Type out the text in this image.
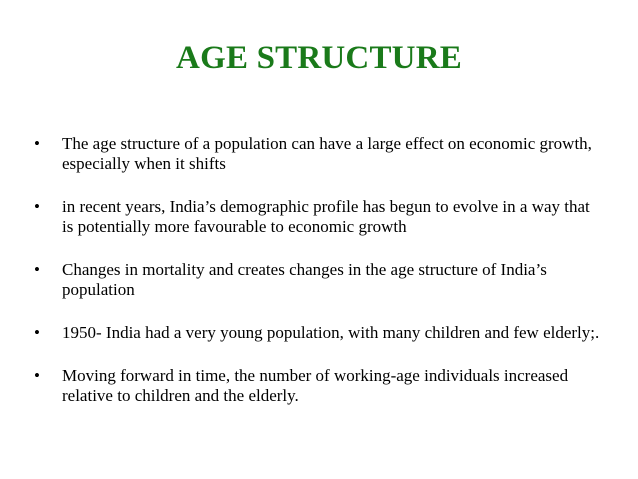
AGE STRUCTURE
• The age structure of a population can have a large effect on economic growth, especially when it shifts
• in recent years, India’s demographic profile has begun to evolve in a way that is potentially more favourable to economic growth
• Changes in mortality and creates changes in the age structure of India’s population
• 1950- India had a very young population, with many children and few elderly;.
• Moving forward in time, the number of working-age individuals increased relative to children and the elderly.
